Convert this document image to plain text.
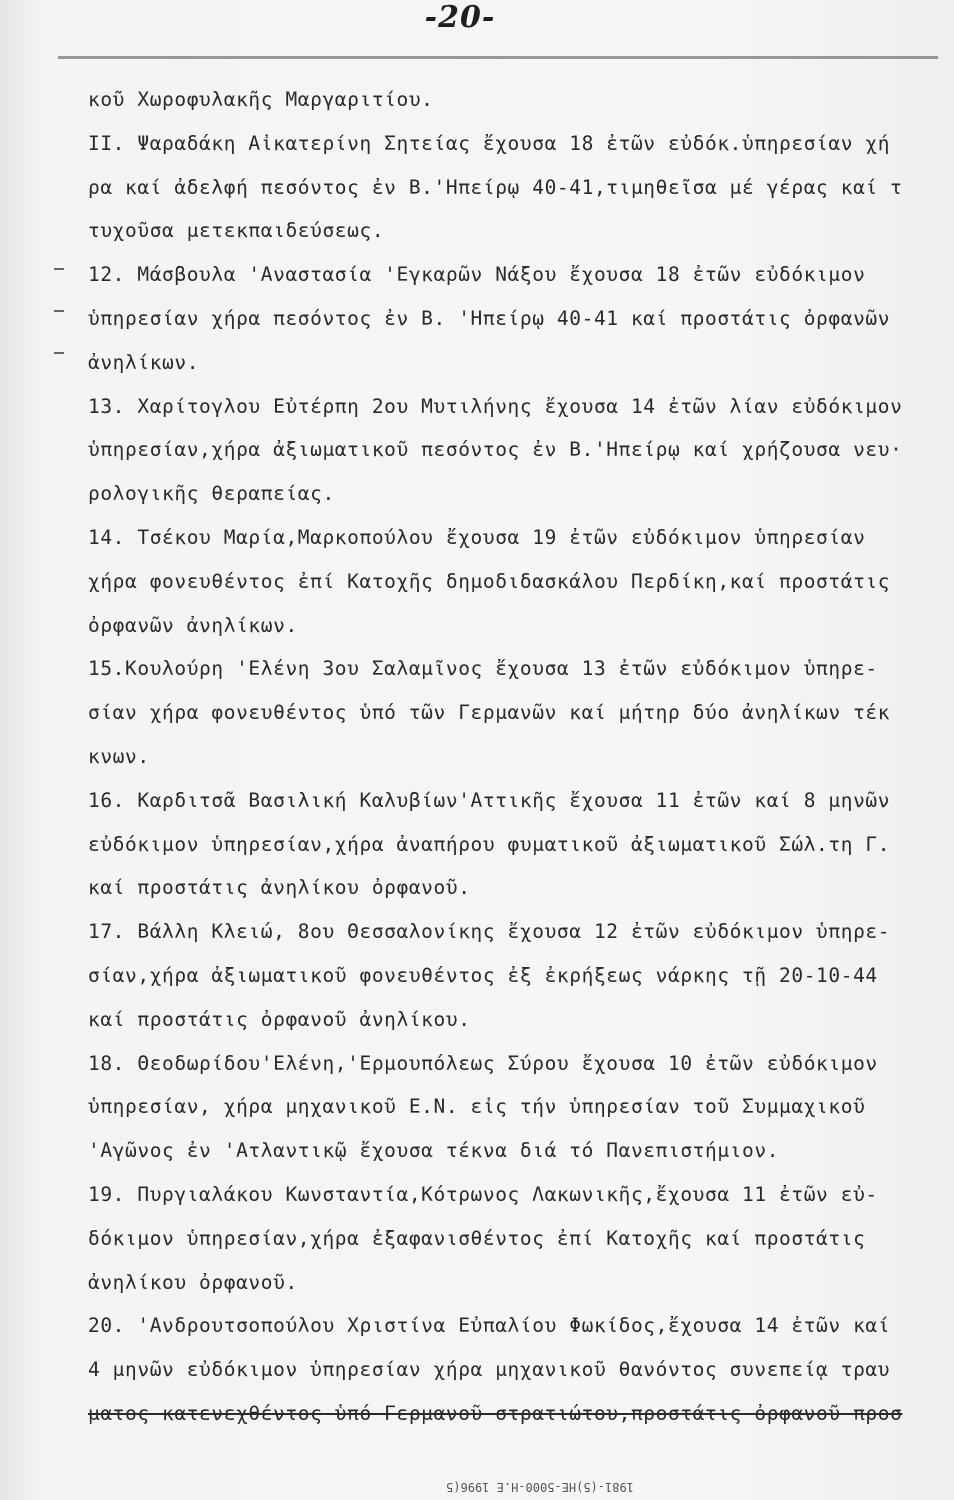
-20-
κοῦ Χωροφυλακῆς Μαργαριτίου.
II. Ψαραδάκη Αἰκατερίνη Σητείας ἔχουσα 18 ἐτῶν εὐδόκ.ὑπηρεσίαν χή
ρα καί ἀδελφή πεσόντος ἐν Β.'Ηπείρῳ 40-41,τιμηθεῖσα μέ γέρας καί τ
τυχοῦσα μετεκπαιδεύσεως.
12. Μάσβουλα 'Αναστασία 'Εγκαρῶν Νάξου ἔχουσα 18 ἐτῶν εὐδόκιμον
ὑπηρεσίαν χήρα πεσόντος ἐν Β. 'Ηπείρῳ 40-41 καί προστάτις ὀρφανῶν
ἀνηλίκων.
13. Χαρίτογλου Εὐτέρπη 2ου Μυτιλήνης ἔχουσα 14 ἐτῶν λίαν εὐδόκιμον
ὑπηρεσίαν,χήρα ἀξιωματικοῦ πεσόντος ἐν Β.'Ηπείρῳ καί χρήζουσα νευ·
ρολογικῆς θεραπείας.
14. Τσέκου Μαρία,Μαρκοπούλου ἔχουσα 19 ἐτῶν εὐδόκιμον ὑπηρεσίαν
χήρα φονευθέντος ἐπί Κατοχῆς δημοδιδασκάλου Περδίκη,καί προστάτις
ὀρφανῶν ἀνηλίκων.
15.Κουλούρη 'Ελένη 3ου Σαλαμῖνος ἔχουσα 13 ἐτῶν εὐδόκιμον ὑπηρε-
σίαν χήρα φονευθέντος ὑπό τῶν Γερμανῶν καί μήτηρ δύο ἀνηλίκων τέκ
κνων.
16. Καρδιτσᾶ Βασιλική Καλυβίων'Αττικῆς ἔχουσα 11 ἐτῶν καί 8 μηνῶν
εὐδόκιμον ὑπηρεσίαν,χήρα ἀναπήρου φυματικοῦ ἀξιωματικοῦ Σώλ.τη Γ.
καί προστάτις ἀνηλίκου ὀρφανοῦ.
17. Βάλλη Κλειώ, 8ου Θεσσαλονίκης ἔχουσα 12 ἐτῶν εὐδόκιμον ὑπηρε-
σίαν,χήρα ἀξιωματικοῦ φονευθέντος ἐξ ἐκρήξεως νάρκης τῇ 20-10-44
καί προστάτις ὀρφανοῦ ἀνηλίκου.
18. Θεοδωρίδου'Ελένη,'Ερμουπόλεως Σύρου ἔχουσα 10 ἐτῶν εὐδόκιμον
ὑπηρεσίαν, χήρα μηχανικοῦ Ε.Ν. εἰς τήν ὑπηρεσίαν τοῦ Συμμαχικοῦ
'Αγῶνος ἐν 'Ατλαντικῷ ἔχουσα τέκνα διά τό Πανεπιστήμιον.
19. Πυργιαλάκου Κωνσταντία,Κότρωνος Λακωνικῆς,ἔχουσα 11 ἐτῶν εὐ-
δόκιμον ὑπηρεσίαν,χήρα ἐξαφανισθέντος ἐπί Κατοχῆς καί προστάτις
ἀνηλίκου ὀρφανοῦ.
20. 'Ανδρουτσοπούλου Χριστίνα Εὐπαλίου Φωκίδος,ἔχουσα 14 ἐτῶν καί
4 μηνῶν εὐδόκιμον ὑπηρεσίαν χήρα μηχανικοῦ θανόντος συνεπείᾳ τραυ
ματος κατενεχθέντος ὑπό Γερμανοῦ στρατιώτου,προστάτις ὀρφανοῦ προσ
1981-(5)ΗΕ-5000-Η.Ε 1996(5
